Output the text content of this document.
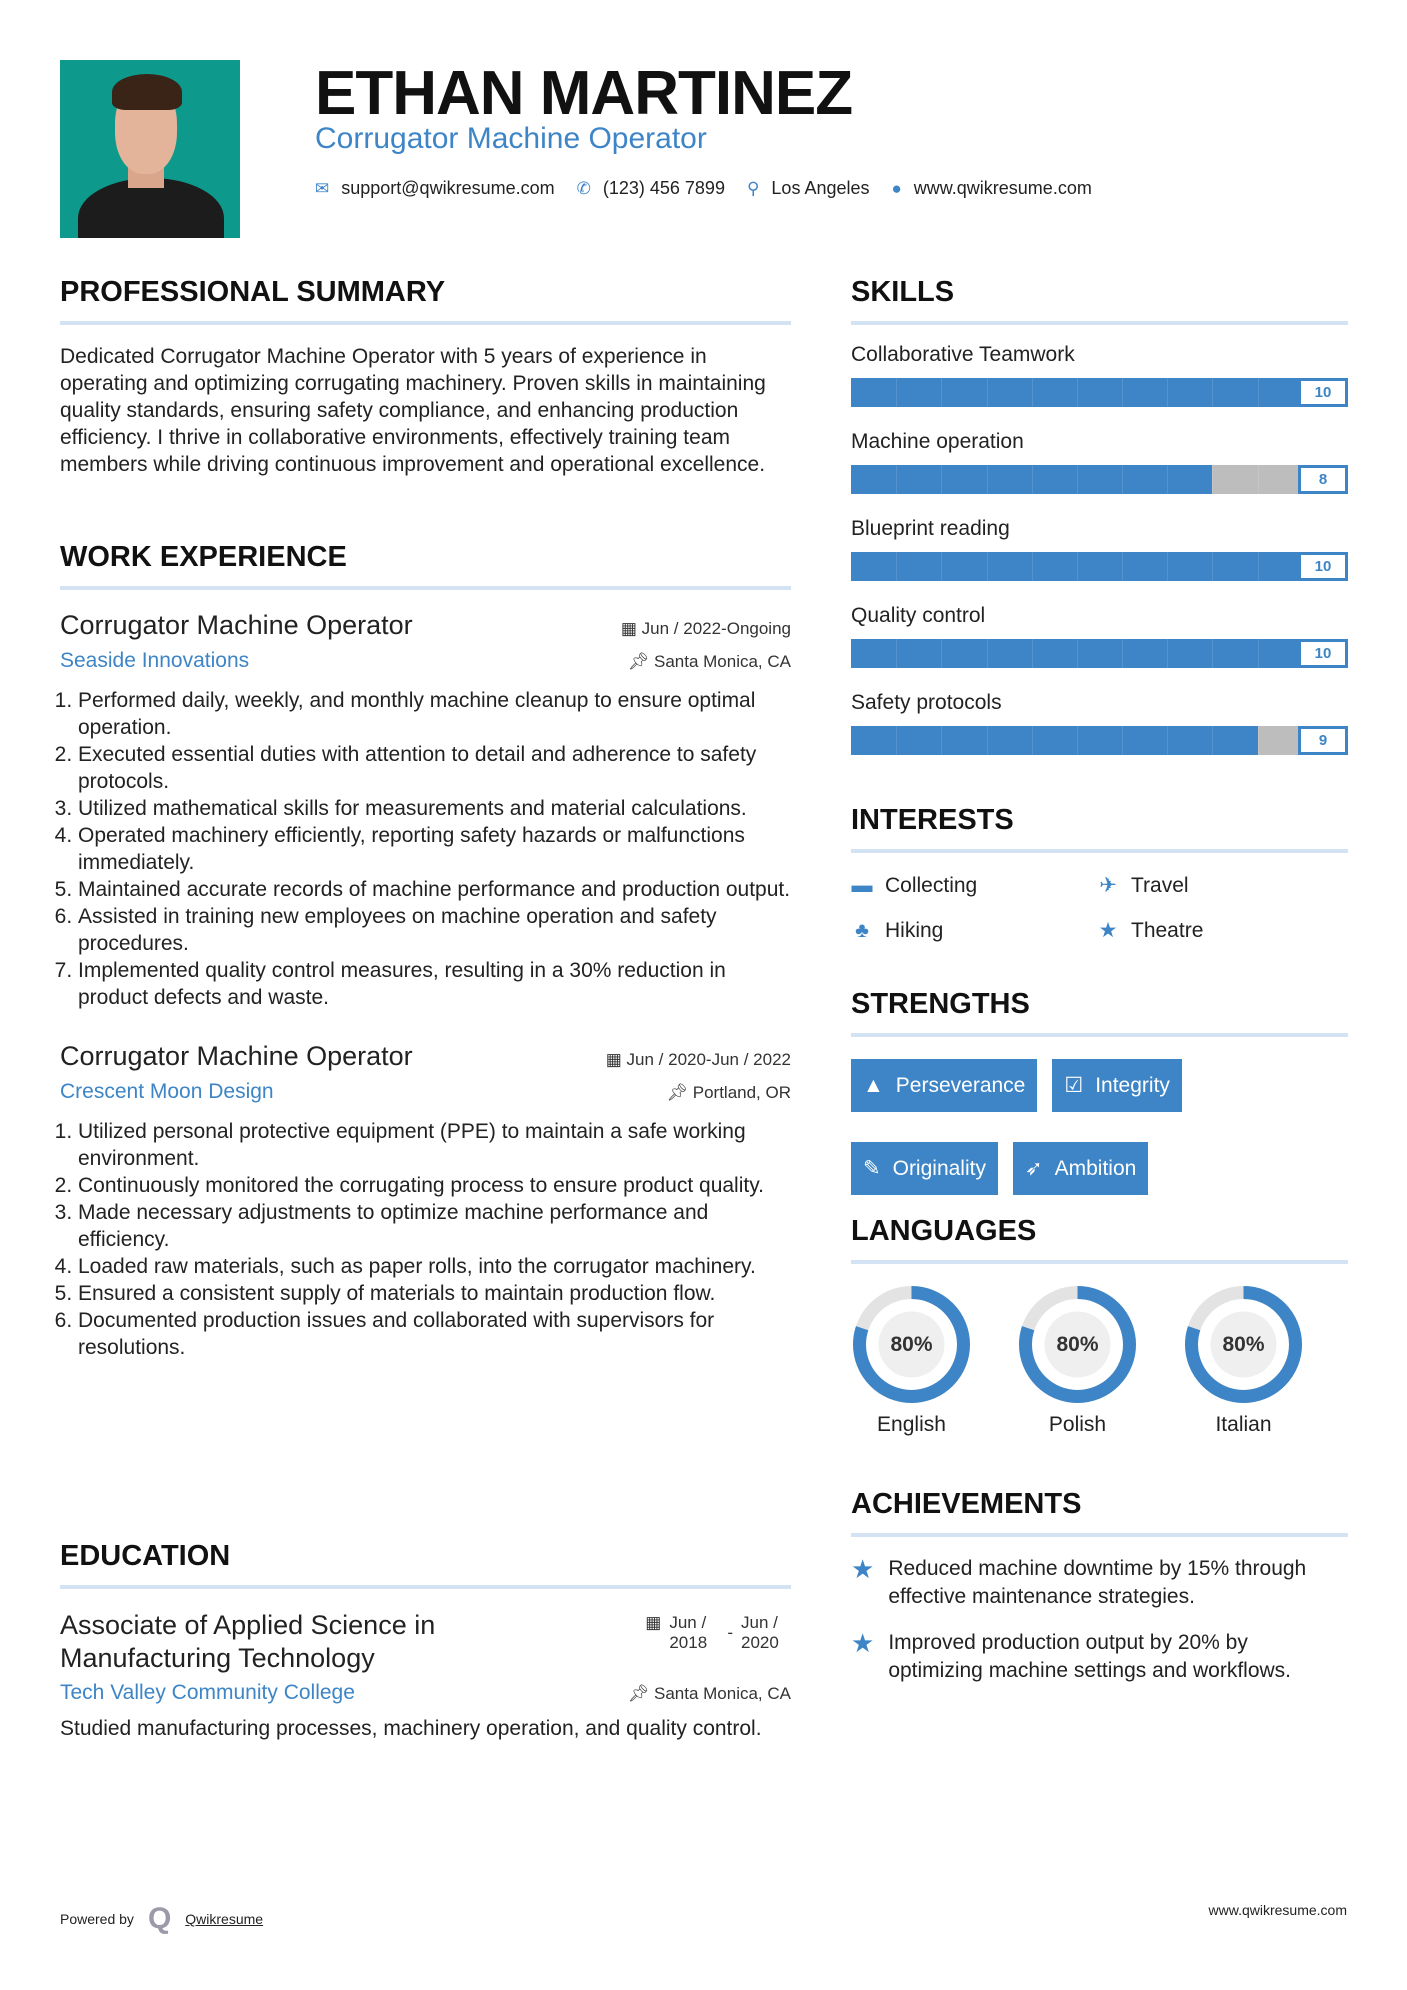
ETHAN MARTINEZ
Corrugator Machine Operator
✉ support@qwikresume.com ✆ (123) 456 7899 ⚲ Los Angeles ● www.qwikresume.com
PROFESSIONAL SUMMARY

Dedicated Corrugator Machine Operator with 5 years of experience in operating and optimizing corrugating machinery. Proven skills in maintaining quality standards, ensuring safety compliance, and enhancing production efficiency. I thrive in collaborative environments, effectively training team members while driving continuous improvement and operational excellence.

WORK EXPERIENCE
Corrugator Machine Operator	▦ Jun / 2022-Ongoing
Seaside Innovations	📌︎ Santa Monica, CA
1. Performed daily, weekly, and monthly machine cleanup to ensure optimal operation.
2. Executed essential duties with attention to detail and adherence to safety protocols.
3. Utilized mathematical skills for measurements and material calculations.
4. Operated machinery efficiently, reporting safety hazards or malfunctions immediately.
5. Maintained accurate records of machine performance and production output.
6. Assisted in training new employees on machine operation and safety procedures.
7. Implemented quality control measures, resulting in a 30% reduction in product defects and waste.
Corrugator Machine Operator	▦ Jun / 2020-Jun / 2022
Crescent Moon Design	📌︎ Portland, OR
1. Utilized personal protective equipment (PPE) to maintain a safe working environment.
2. Continuously monitored the corrugating process to ensure product quality.
3. Made necessary adjustments to optimize machine performance and efficiency.
4. Loaded raw materials, such as paper rolls, into the corrugator machinery.
5. Ensured a consistent supply of materials to maintain production flow.
6. Documented production issues and collaborated with supervisors for resolutions.
EDUCATION
Associate of Applied Science in Manufacturing Technology
▦ Jun / 2018
-
Jun / 2020
Tech Valley Community College	📌︎ Santa Monica, CA

Studied manufacturing processes, machinery operation, and quality control.

SKILLS
Collaborative Teamwork
10
Machine operation
8
Blueprint reading
10
Quality control
10
Safety protocols
9
INTERESTS
▬ Collecting	✈ Travel
♣ Hiking	★ Theatre
STRENGTHS
▲ Perseverance ☑ Integrity
✎ Originality ➶ Ambition
LANGUAGES
80%
English
80%
Polish
80%
Italian
ACHIEVEMENTS
★ Reduced machine downtime by 15% through effective maintenance strategies.
★ Improved production output by 20% by optimizing machine settings and workflows.
Powered by Q Qwikresume
www.qwikresume.com
